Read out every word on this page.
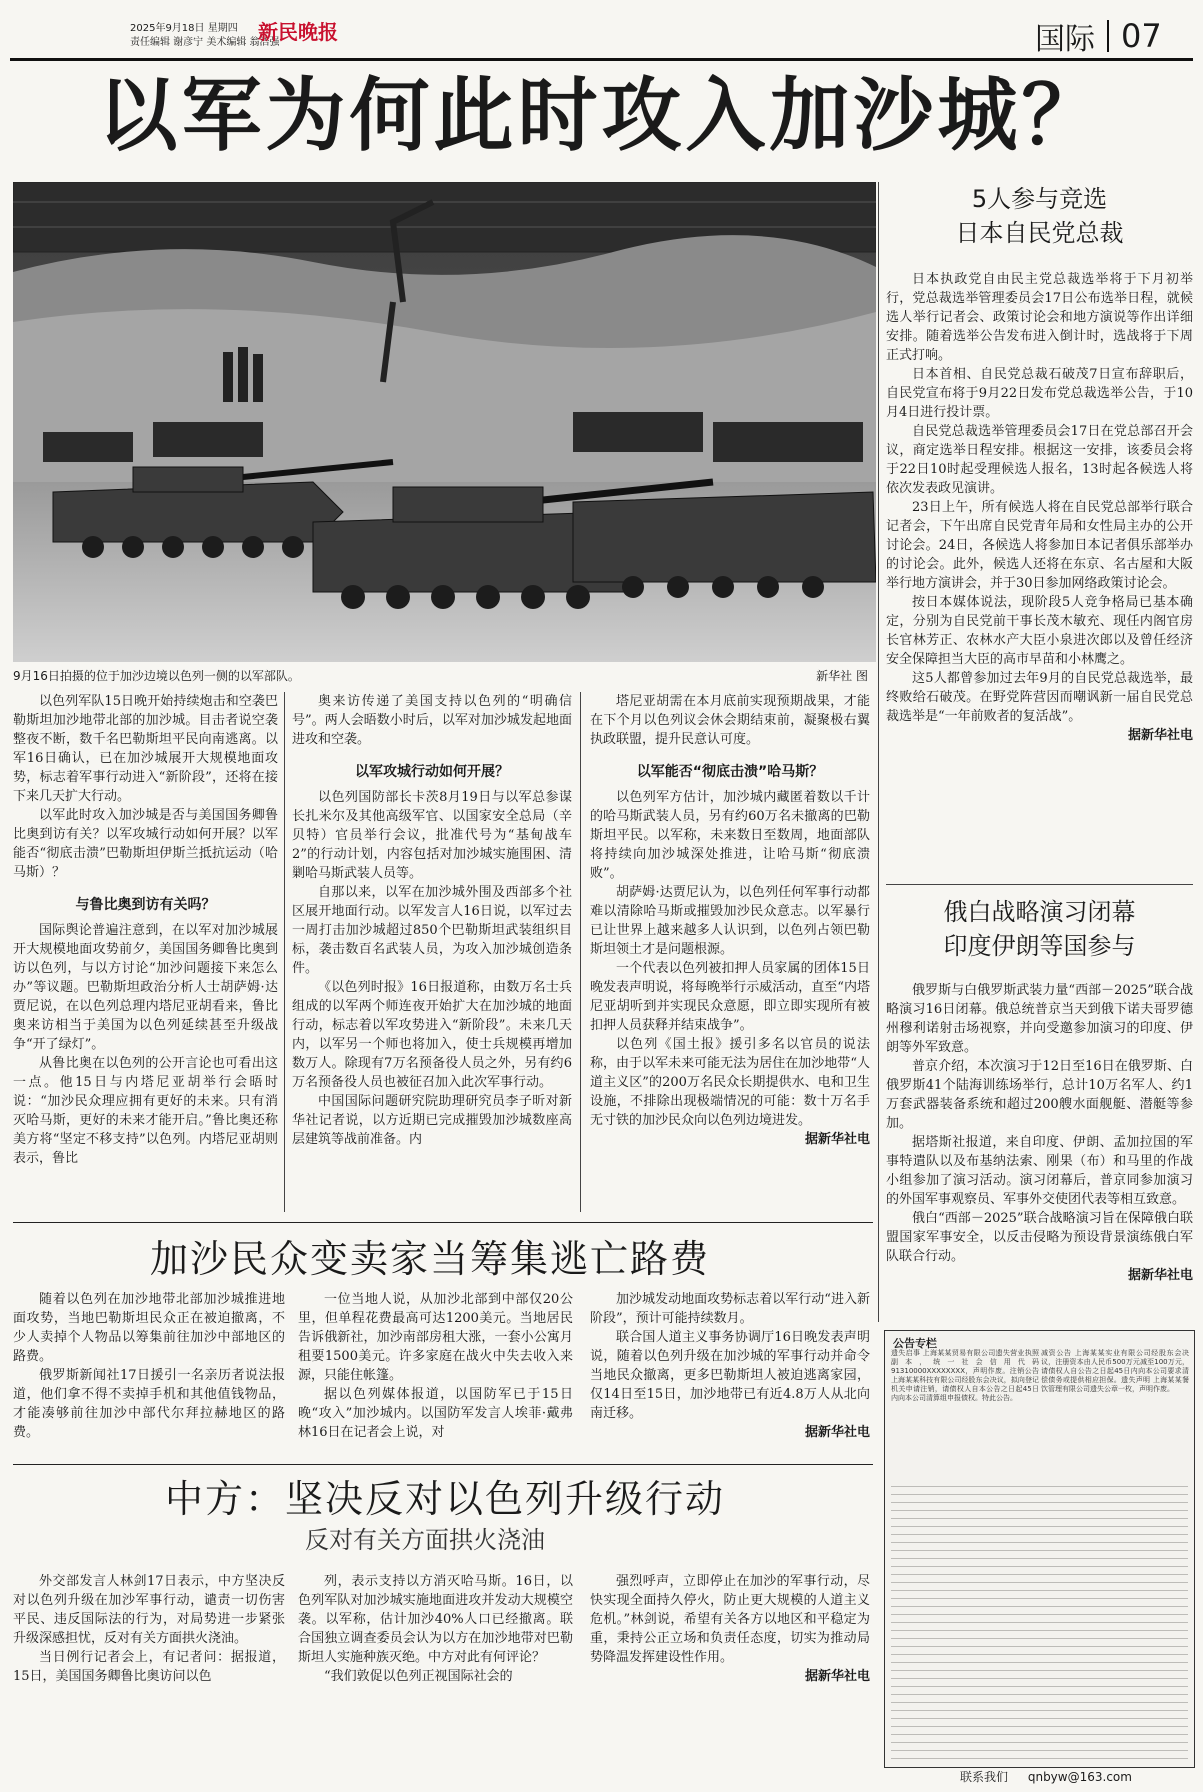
2025年9月18日 星期四
责任编辑 谢彦宁 美术编辑 翁浩强
新民晚报	国际 07
以军为何此时攻入加沙城？
9月16日拍摄的位于加沙边境以色列一侧的以军部队。	新华社 图

以色列军队15日晚开始持续炮击和空袭巴勒斯坦加沙地带北部的加沙城。目击者说空袭整夜不断，数千名巴勒斯坦平民向南逃离。以军16日确认，已在加沙城展开大规模地面攻势，标志着军事行动进入“新阶段”，还将在接下来几天扩大行动。

以军此时攻入加沙城是否与美国国务卿鲁比奥到访有关？以军攻城行动如何开展？以军能否“彻底击溃”巴勒斯坦伊斯兰抵抗运动（哈马斯）？

与鲁比奥到访有关吗？

国际舆论普遍注意到，在以军对加沙城展开大规模地面攻势前夕，美国国务卿鲁比奥到访以色列，与以方讨论“加沙问题接下来怎么办”等议题。巴勒斯坦政治分析人士胡萨姆·达贾尼说，在以色列总理内塔尼亚胡看来，鲁比奥来访相当于美国为以色列延续甚至升级战争“开了绿灯”。

从鲁比奥在以色列的公开言论也可看出这一点。他15日与内塔尼亚胡举行会晤时说：“加沙民众理应拥有更好的未来。只有消灭哈马斯，更好的未来才能开启。”鲁比奥还称美方将“坚定不移支持”以色列。内塔尼亚胡则表示，鲁比

奥来访传递了美国支持以色列的“明确信号”。两人会晤数小时后，以军对加沙城发起地面进攻和空袭。

以军攻城行动如何开展？

以色列国防部长卡茨8月19日与以军总参谋长扎米尔及其他高级军官、以国家安全总局（辛贝特）官员举行会议，批准代号为“基甸战车2”的行动计划，内容包括对加沙城实施围困、清剿哈马斯武装人员等。

自那以来，以军在加沙城外围及西部多个社区展开地面行动。以军发言人16日说，以军过去一周打击加沙城超过850个巴勒斯坦武装组织目标，袭击数百名武装人员，为攻入加沙城创造条件。

《以色列时报》16日报道称，由数万名士兵组成的以军两个师连夜开始扩大在加沙城的地面行动，标志着以军攻势进入“新阶段”。未来几天内，以军另一个师也将加入，使士兵规模再增加数万人。除现有7万名预备役人员之外，另有约6万名预备役人员也被征召加入此次军事行动。

中国国际问题研究院助理研究员李子昕对新华社记者说，以方近期已完成摧毁加沙城数座高层建筑等战前准备。内

塔尼亚胡需在本月底前实现预期战果，才能在下个月以色列议会休会期结束前，凝聚极右翼执政联盟，提升民意认可度。

以军能否“彻底击溃”哈马斯？

以色列军方估计，加沙城内藏匿着数以千计的哈马斯武装人员，另有约60万名未撤离的巴勒斯坦平民。以军称，未来数日至数周，地面部队将持续向加沙城深处推进，让哈马斯“彻底溃败”。

胡萨姆·达贾尼认为，以色列任何军事行动都难以清除哈马斯或摧毁加沙民众意志。以军暴行已让世界上越来越多人认识到，以色列占领巴勒斯坦领土才是问题根源。

一个代表以色列被扣押人员家属的团体15日晚发表声明说，将每晚举行示威活动，直至“内塔尼亚胡听到并实现民众意愿，即立即实现所有被扣押人员获释并结束战争”。

以色列《国土报》援引多名以官员的说法称，由于以军未来可能无法为居住在加沙地带“人道主义区”的200万名民众长期提供水、电和卫生设施，不排除出现极端情况的可能：数十万名手无寸铁的加沙民众向以色列边境进发。

据新华社电

5人参与竞选
日本自民党总裁

日本执政党自由民主党总裁选举将于下月初举行，党总裁选举管理委员会17日公布选举日程，就候选人举行记者会、政策讨论会和地方演说等作出详细安排。随着选举公告发布进入倒计时，选战将于下周正式打响。

日本首相、自民党总裁石破茂7日宣布辞职后，自民党宣布将于9月22日发布党总裁选举公告，于10月4日进行投计票。

自民党总裁选举管理委员会17日在党总部召开会议，商定选举日程安排。根据这一安排，该委员会将于22日10时起受理候选人报名，13时起各候选人将依次发表政见演讲。

23日上午，所有候选人将在自民党总部举行联合记者会，下午出席自民党青年局和女性局主办的公开讨论会。24日，各候选人将参加日本记者俱乐部举办的讨论会。此外，候选人还将在东京、名古屋和大阪举行地方演讲会，并于30日参加网络政策讨论会。

按日本媒体说法，现阶段5人竞争格局已基本确定，分别为自民党前干事长茂木敏充、现任内阁官房长官林芳正、农林水产大臣小泉进次郎以及曾任经济安全保障担当大臣的高市早苗和小林鹰之。

这5人都曾参加过去年9月的自民党总裁选举，最终败给石破茂。在野党阵营因而嘲讽新一届自民党总裁选举是“一年前败者的复活战”。

据新华社电

俄白战略演习闭幕
印度伊朗等国参与

俄罗斯与白俄罗斯武装力量“西部－2025”联合战略演习16日闭幕。俄总统普京当天到俄下诺夫哥罗德州穆利诺射击场视察，并向受邀参加演习的印度、伊朗等外军致意。

普京介绍，本次演习于12日至16日在俄罗斯、白俄罗斯41个陆海训练场举行，总计10万名军人、约1万套武器装备系统和超过200艘水面舰艇、潜艇等参加。

据塔斯社报道，来自印度、伊朗、孟加拉国的军事特遣队以及布基纳法索、刚果（布）和马里的作战小组参加了演习活动。演习闭幕后，普京同参加演习的外国军事观察员、军事外交使团代表等相互致意。

俄白“西部－2025”联合战略演习旨在保障俄白联盟国家军事安全，以反击侵略为预设背景演练俄白军队联合行动。

据新华社电

加沙民众变卖家当筹集逃亡路费

随着以色列在加沙地带北部加沙城推进地面攻势，当地巴勒斯坦民众正在被迫撤离，不少人卖掉个人物品以筹集前往加沙中部地区的路费。

俄罗斯新闻社17日援引一名亲历者说法报道，他们拿不得不卖掉手机和其他值钱物品，才能凑够前往加沙中部代尔拜拉赫地区的路费。

一位当地人说，从加沙北部到中部仅20公里，但单程花费最高可达1200美元。当地居民告诉俄新社，加沙南部房租大涨，一套小公寓月租要1500美元。许多家庭在战火中失去收入来源，只能住帐篷。

据以色列媒体报道，以国防军已于15日晚“攻入”加沙城内。以国防军发言人埃菲·戴弗林16日在记者会上说，对

加沙城发动地面攻势标志着以军行动“进入新阶段”，预计可能持续数月。

联合国人道主义事务协调厅16日晚发表声明说，随着以色列升级在加沙城的军事行动并命令当地民众撤离，更多巴勒斯坦人被迫逃离家园，仅14日至15日，加沙地带已有近4.8万人从北向南迁移。

据新华社电

中方：坚决反对以色列升级行动
反对有关方面拱火浇油

外交部发言人林剑17日表示，中方坚决反对以色列升级在加沙军事行动，谴责一切伤害平民、违反国际法的行为，对局势进一步紧张升级深感担忧，反对有关方面拱火浇油。

当日例行记者会上，有记者问：据报道，15日，美国国务卿鲁比奥访问以色

列，表示支持以方消灭哈马斯。16日，以色列军队对加沙城实施地面进攻并发动大规模空袭。以军称，估计加沙40%人口已经撤离。联合国独立调查委员会认为以方在加沙地带对巴勒斯坦人实施种族灭绝。中方对此有何评论？

“我们敦促以色列正视国际社会的

强烈呼声，立即停止在加沙的军事行动，尽快实现全面持久停火，防止更大规模的人道主义危机。”林剑说，希望有关各方以地区和平稳定为重，秉持公正立场和负责任态度，切实为推动局势降温发挥建设性作用。

据新华社电

公告专栏
遗失启事 上海某某贸易有限公司遗失营业执照副本，统一社会信用代码91310000XXXXXXXX，声明作废。注销公告 上海某某科技有限公司经股东会决议，拟向登记机关申请注销，请债权人自本公告之日起45日内向本公司清算组申报债权。特此公告。
减资公告 上海某某实业有限公司经股东会决议，注册资本由人民币500万元减至100万元，请债权人自公告之日起45日内向本公司要求清偿债务或提供相应担保。遗失声明 上海某某餐饮管理有限公司遗失公章一枚，声明作废。
联系我们 qnbyw@163.com
